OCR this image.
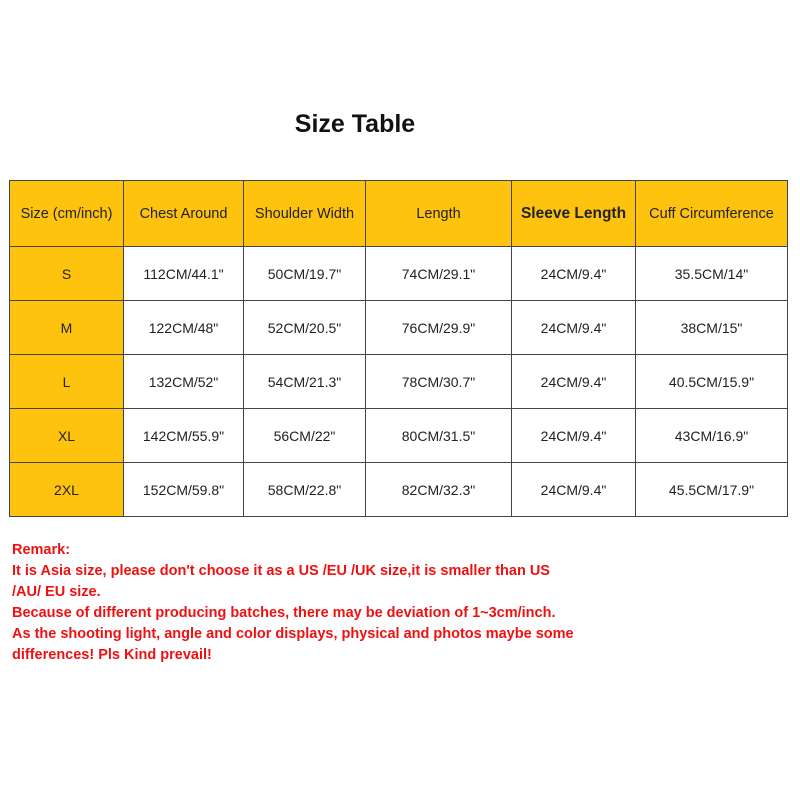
Size Table
Size (cm/inch)	Chest Around	Shoulder Width	Length	Sleeve Length	Cuff Circumference
S	112CM/44.1"	50CM/19.7"	74CM/29.1"	24CM/9.4"	35.5CM/14"
M	122CM/48"	52CM/20.5"	76CM/29.9"	24CM/9.4"	38CM/15"
L	132CM/52"	54CM/21.3"	78CM/30.7"	24CM/9.4"	40.5CM/15.9"
XL	142CM/55.9"	56CM/22"	80CM/31.5"	24CM/9.4"	43CM/16.9"
2XL	152CM/59.8"	58CM/22.8"	82CM/32.3"	24CM/9.4"	45.5CM/17.9"
Remark:
It is Asia size, please don't choose it as a US /EU /UK size,it is smaller than US
/AU/ EU size.
Because of different producing batches, there may be deviation of 1~3cm/inch.
As the shooting light, angle and color displays, physical and photos maybe some
differences! Pls Kind prevail!
